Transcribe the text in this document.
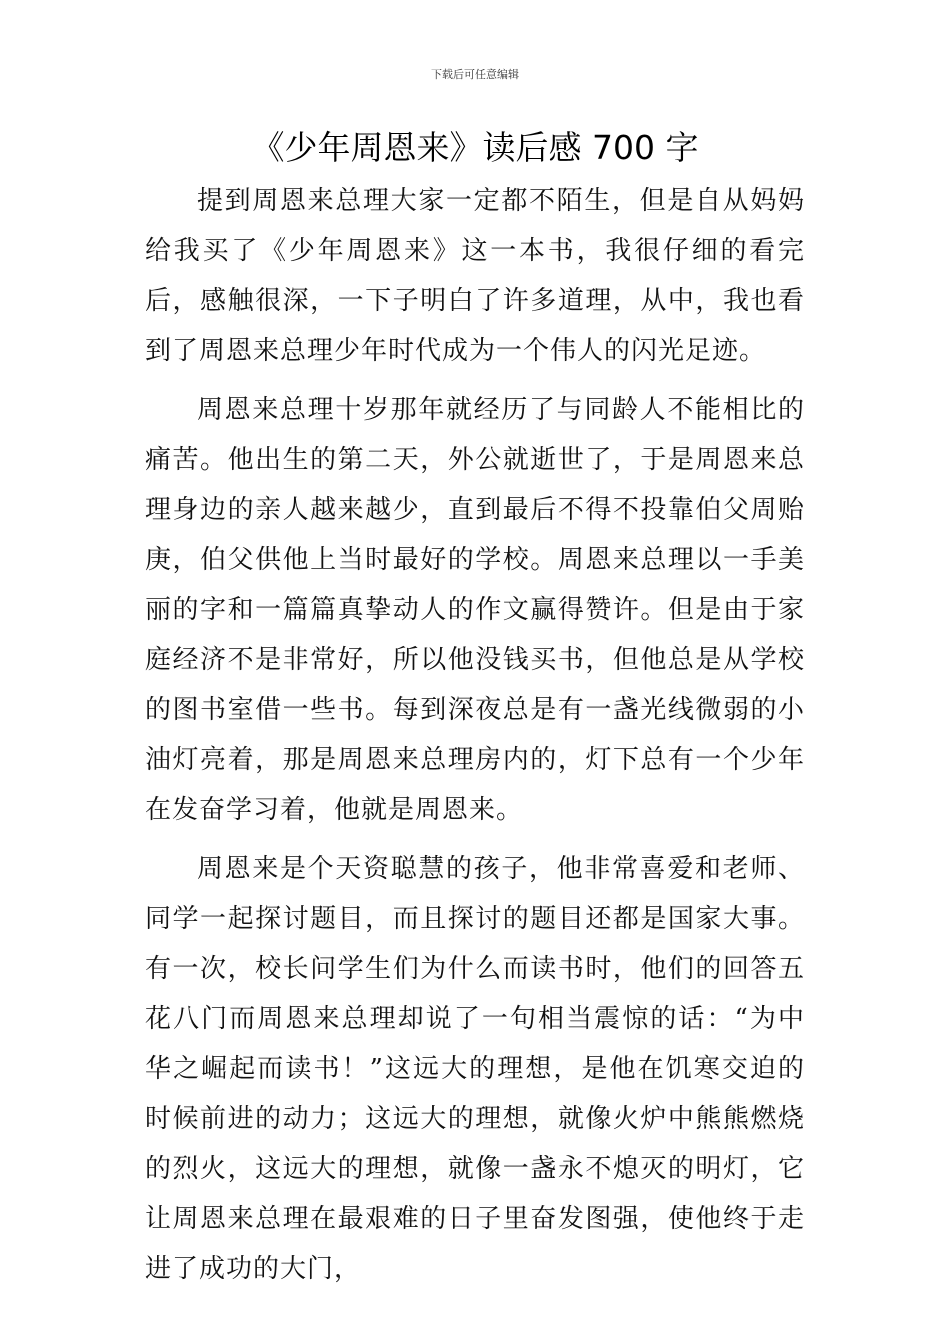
下载后可任意编辑
《少年周恩来》读后感 700 字

提到周恩来总理大家一定都不陌生，但是自从妈妈给我买了《少年周恩来》这一本书，我很仔细的看完后，感触很深，一下子明白了许多道理，从中，我也看到了周恩来总理少年时代成为一个伟人的闪光足迹。

周恩来总理十岁那年就经历了与同龄人不能相比的痛苦。他出生的第二天，外公就逝世了，于是周恩来总理身边的亲人越来越少，直到最后不得不投靠伯父周贻庚，伯父供他上当时最好的学校。周恩来总理以一手美丽的字和一篇篇真挚动人的作文赢得赞许。但是由于家庭经济不是非常好，所以他没钱买书，但他总是从学校的图书室借一些书。每到深夜总是有一盏光线微弱的小油灯亮着，那是周恩来总理房内的，灯下总有一个少年在发奋学习着，他就是周恩来。

周恩来是个天资聪慧的孩子，他非常喜爱和老师、同学一起探讨题目，而且探讨的题目还都是国家大事。有一次，校长问学生们为什么而读书时，他们的回答五花八门而周恩来总理却说了一句相当震惊的话：“为中华之崛起而读书！”这远大的理想，是他在饥寒交迫的时候前进的动力；这远大的理想，就像火炉中熊熊燃烧的烈火，这远大的理想，就像一盏永不熄灭的明灯，它让周恩来总理在最艰难的日子里奋发图强，使他终于走进了成功的大门，
